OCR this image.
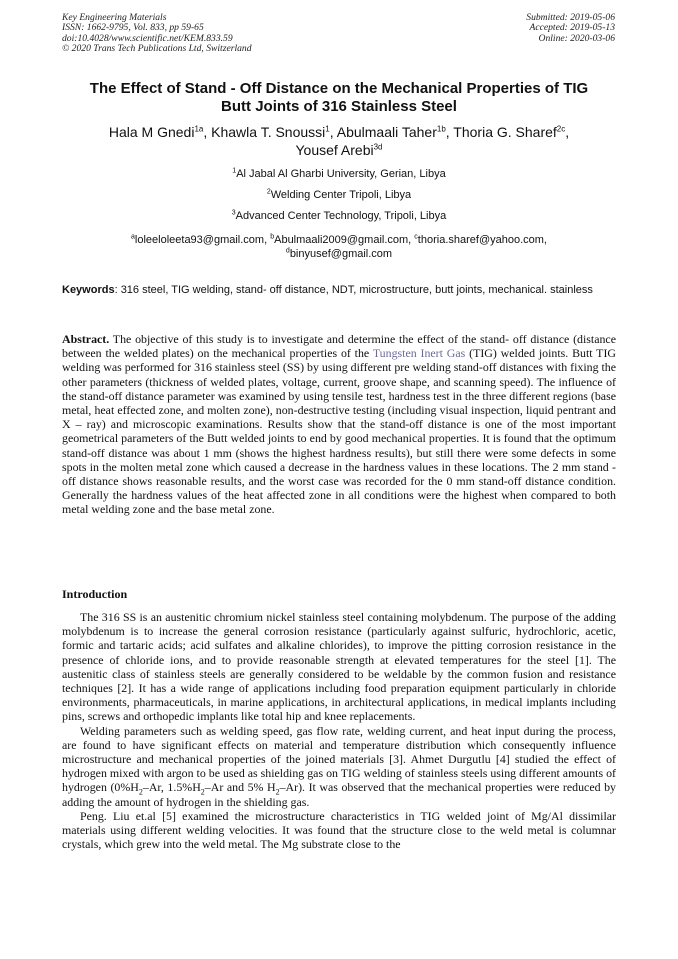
Key Engineering Materials
ISSN: 1662-9795, Vol. 833, pp 59-65
doi:10.4028/www.scientific.net/KEM.833.59
© 2020 Trans Tech Publications Ltd, Switzerland
Submitted: 2019-05-06
Accepted: 2019-05-13
Online: 2020-03-06
The Effect of Stand - Off Distance on the Mechanical Properties of TIG
Butt Joints of 316 Stainless Steel
Hala M Gnedi$^{1a}$, Khawla T. Snoussi$^1$, Abulmaali Taher$^{1b}$, Thoria G. Sharef$^{2c}$,
Yousef Arebi$^{3d}$
$^1$Al Jabal Al Gharbi University, Gerian, Libya
$^2$Welding Center Tripoli, Libya
$^3$Advanced Center Technology, Tripoli, Libya
$^a$loleeloleeta93@gmail.com, $^b$Abulmaali2009@gmail.com, $^c$thoria.sharef@yahoo.com,
$^d$binyusef@gmail.com
Keywords: 316 steel, TIG welding, stand- off distance, NDT, microstructure, butt joints, mechanical. stainless
Abstract. The objective of this study is to investigate and determine the effect of the stand- off distance (distance between the welded plates) on the mechanical properties of the Tungsten Inert Gas (TIG) welded joints. Butt TIG welding was performed for 316 stainless steel (SS) by using different pre welding stand-off distances with fixing the other parameters (thickness of welded plates, voltage, current, groove shape, and scanning speed). The influence of the stand-off distance parameter was examined by using tensile test, hardness test in the three different regions (base metal, heat effected zone, and molten zone), non-destructive testing (including visual inspection, liquid pentrant and X – ray) and microscopic examinations. Results show that the stand-off distance is one of the most important geometrical parameters of the Butt welded joints to end by good mechanical properties. It is found that the optimum stand-off distance was about 1 mm (shows the highest hardness results), but still there were some defects in some spots in the molten metal zone which caused a decrease in the hardness values in these locations. The 2 mm stand -off distance shows reasonable results, and the worst case was recorded for the 0 mm stand-off distance condition. Generally the hardness values of the heat affected zone in all conditions were the highest when compared to both metal welding zone and the base metal zone.
Introduction

The 316 SS is an austenitic chromium nickel stainless steel containing molybdenum. The purpose of the adding molybdenum is to increase the general corrosion resistance (particularly against sulfuric, hydrochloric, acetic, formic and tartaric acids; acid sulfates and alkaline chlorides), to improve the pitting corrosion resistance in the presence of chloride ions, and to provide reasonable strength at elevated temperatures for the steel [1]. The austenitic class of stainless steels are generally considered to be weldable by the common fusion and resistance techniques [2]. It has a wide range of applications including food preparation equipment particularly in chloride environments, pharmaceuticals, in marine applications, in architectural applications, in medical implants including pins, screws and orthopedic implants like total hip and knee replacements.

Welding parameters such as welding speed, gas flow rate, welding current, and heat input during the process, are found to have significant effects on material and temperature distribution which consequently influence microstructure and mechanical properties of the joined materials [3]. Ahmet Durgutlu [4] studied the effect of hydrogen mixed with argon to be used as shielding gas on TIG welding of stainless steels using different amounts of hydrogen ($0\%H_2-Ar$, $1.5\%H_2-Ar$ and 5% $H_2-Ar$). It was observed that the mechanical properties were reduced by adding the amount of hydrogen in the shielding gas.

Peng. Liu et.al [5] examined the microstructure characteristics in TIG welded joint of Mg/Al dissimilar materials using different welding velocities. It was found that the structure close to the weld metal is columnar crystals, which grew into the weld metal. The Mg substrate close to the
